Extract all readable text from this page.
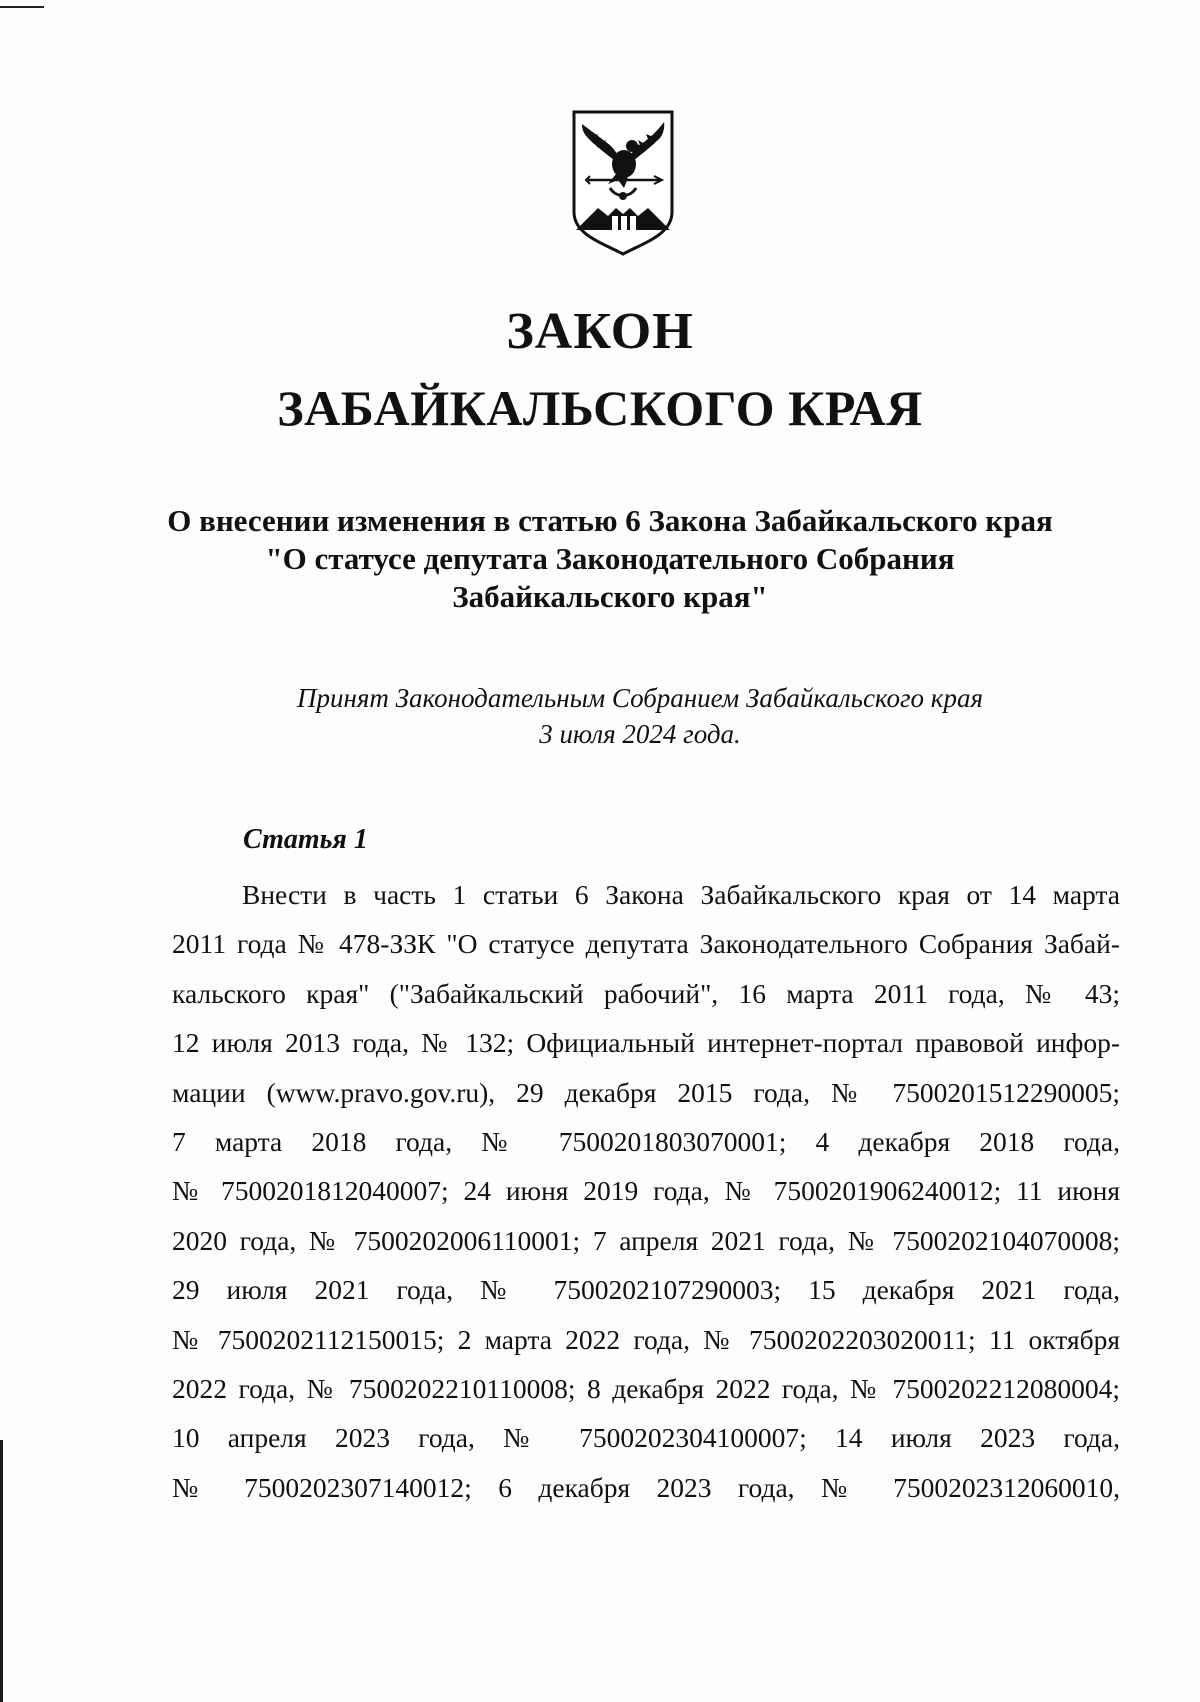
ЗАКОН
ЗАБАЙКАЛЬСКОГО КРАЯ
О внесении изменения в статью 6 Закона Забайкальского края
"О статусе депутата Законодательного Собрания
Забайкальского края"
Принят Законодательным Собранием Забайкальского края
3 июля 2024 года.
Статья 1
Внести в часть 1 статьи 6 Закона Забайкальского края от 14 марта
2011 года № 478-ЗЗК "О статусе депутата Законодательного Собрания Забай-
кальского края" ("Забайкальский рабочий", 16 марта 2011 года, № 43;
12 июля 2013 года, № 132; Официальный интернет-портал правовой инфор-
мации (www.pravo.gov.ru), 29 декабря 2015 года, № 7500201512290005;
7 марта 2018 года, № 7500201803070001; 4 декабря 2018 года,
№ 7500201812040007; 24 июня 2019 года, № 7500201906240012; 11 июня
2020 года, № 7500202006110001; 7 апреля 2021 года, № 7500202104070008;
29 июля 2021 года, № 7500202107290003; 15 декабря 2021 года,
№ 7500202112150015; 2 марта 2022 года, № 7500202203020011; 11 октября
2022 года, № 7500202210110008; 8 декабря 2022 года, № 7500202212080004;
10 апреля 2023 года, № 7500202304100007; 14 июля 2023 года,
№ 7500202307140012; 6 декабря 2023 года, № 7500202312060010,
